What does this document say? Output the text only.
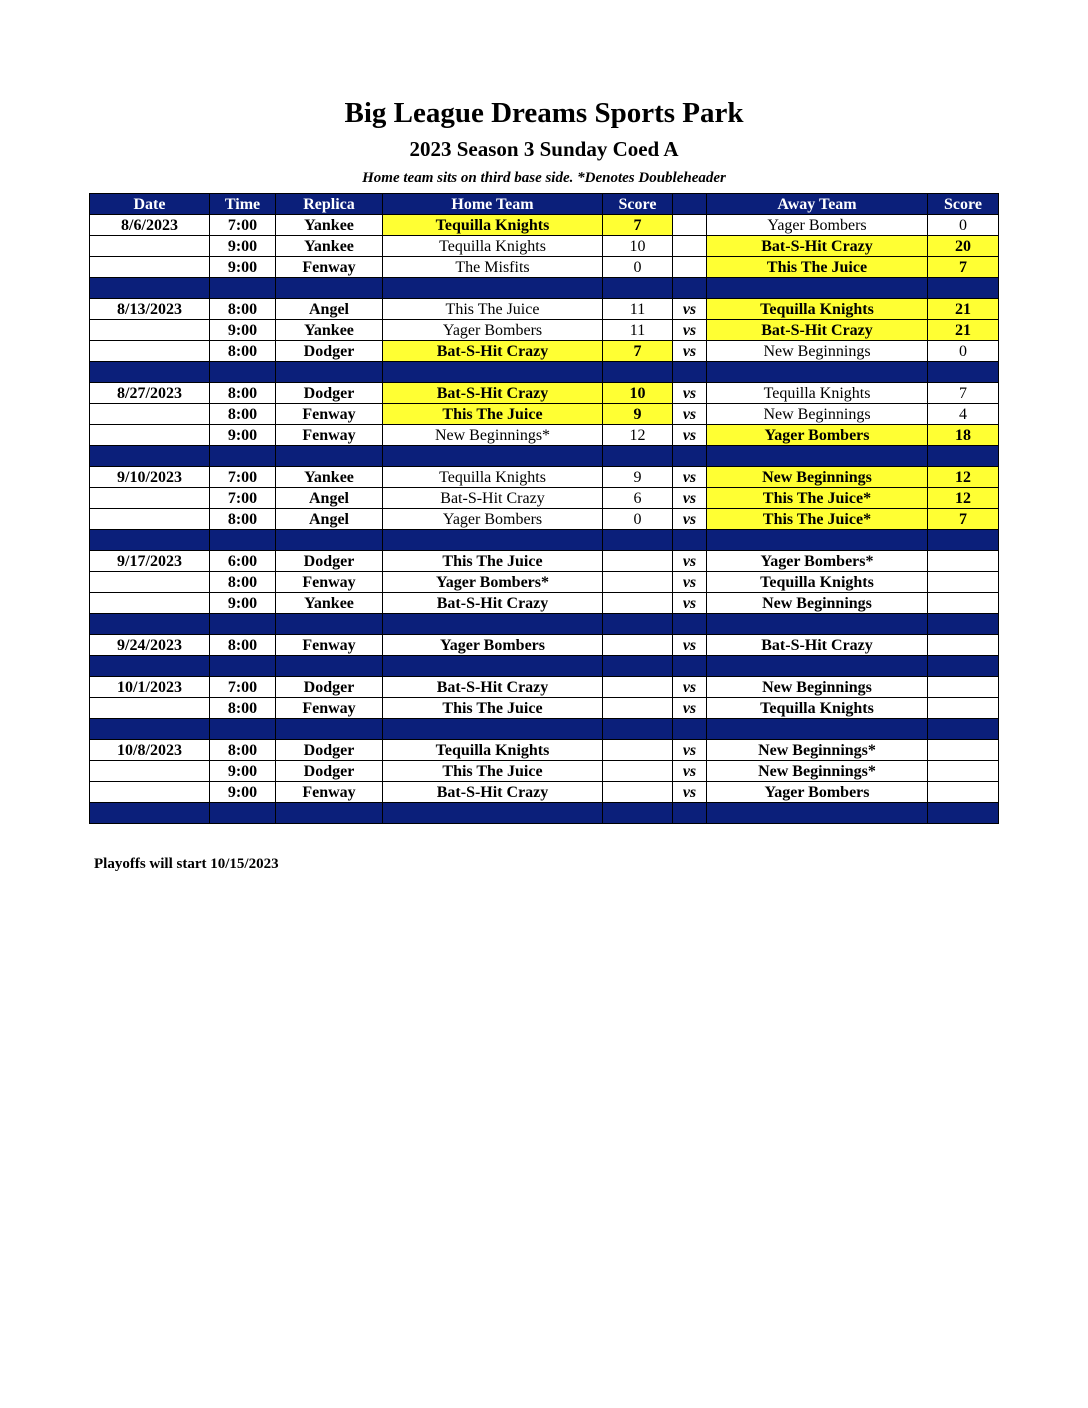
Big League Dreams Sports Park
2023 Season 3 Sunday Coed A
Home team sits on third base side. *Denotes Doubleheader
Date	Time	Replica	Home Team	Score		Away Team	Score
8/6/2023	7:00	Yankee	Tequilla Knights	7		Yager Bombers	0
	9:00	Yankee	Tequilla Knights	10		Bat-S-Hit Crazy	20
	9:00	Fenway	The Misfits	0		This The Juice	7

8/13/2023	8:00	Angel	This The Juice	11	vs	Tequilla Knights	21
	9:00	Yankee	Yager Bombers	11	vs	Bat-S-Hit Crazy	21
	8:00	Dodger	Bat-S-Hit Crazy	7	vs	New Beginnings	0

8/27/2023	8:00	Dodger	Bat-S-Hit Crazy	10	vs	Tequilla Knights	7
	8:00	Fenway	This The Juice	9	vs	New Beginnings	4
	9:00	Fenway	New Beginnings*	12	vs	Yager Bombers	18

9/10/2023	7:00	Yankee	Tequilla Knights	9	vs	New Beginnings	12
	7:00	Angel	Bat-S-Hit Crazy	6	vs	This The Juice*	12
	8:00	Angel	Yager Bombers	0	vs	This The Juice*	7

9/17/2023	6:00	Dodger	This The Juice		vs	Yager Bombers*	
	8:00	Fenway	Yager Bombers*		vs	Tequilla Knights	
	9:00	Yankee	Bat-S-Hit Crazy		vs	New Beginnings	

9/24/2023	8:00	Fenway	Yager Bombers		vs	Bat-S-Hit Crazy	

10/1/2023	7:00	Dodger	Bat-S-Hit Crazy		vs	New Beginnings	
	8:00	Fenway	This The Juice		vs	Tequilla Knights	

10/8/2023	8:00	Dodger	Tequilla Knights		vs	New Beginnings*	
	9:00	Dodger	This The Juice		vs	New Beginnings*	
	9:00	Fenway	Bat-S-Hit Crazy		vs	Yager Bombers	

Playoffs will start 10/15/2023
